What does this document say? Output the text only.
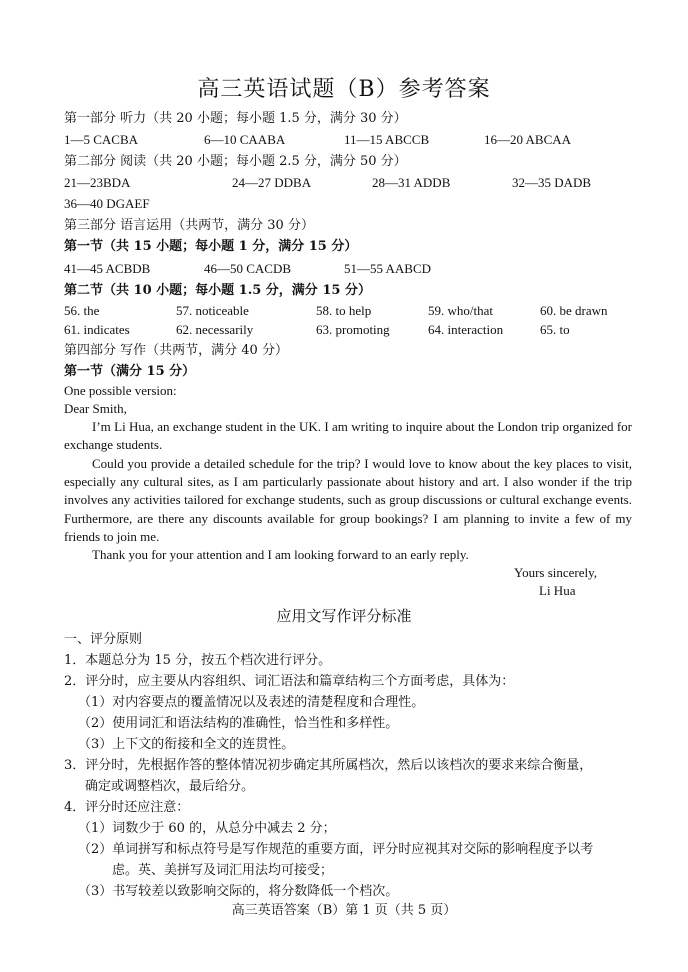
高三英语试题（B）参考答案
第一部分 听力（共 20 小题；每小题 1.5 分，满分 30 分）
1—5 CACBA	6—10 CAABA	11—15 ABCCB	16—20 ABCAA
第二部分 阅读（共 20 小题；每小题 2.5 分，满分 50 分）
21—23BDA	24—27 DDBA	28—31 ADDB	32—35 DADB
36—40 DGAEF
第三部分 语言运用（共两节，满分 30 分）
第一节（共 15 小题；每小题 1 分，满分 15 分）
41—45 ACBDB	46—50 CACDB	51—55 AABCD
第二节（共 10 小题；每小题 1.5 分，满分 15 分）
56. the	57. noticeable	58. to help	59. who/that	60. be drawn
61. indicates	62. necessarily	63. promoting	64. interaction	65. to
第四部分 写作（共两节，满分 40 分）
第一节（满分 15 分）
One possible version:
Dear Smith,
I’m Li Hua, an exchange student in the UK. I am writing to inquire about the London trip organized for exchange students.
Could you provide a detailed schedule for the trip? I would love to know about the key places to visit, especially any cultural sites, as I am particularly passionate about history and art. I also wonder if the trip involves any activities tailored for exchange students, such as group discussions or cultural exchange events. Furthermore, are there any discounts available for group bookings? I am planning to invite a few of my friends to join me.
Thank you for your attention and I am looking forward to an early reply.
Yours sincerely,
Li Hua
应用文写作评分标准
一、评分原则
1．本题总分为 15 分，按五个档次进行评分。
2．评分时，应主要从内容组织、词汇语法和篇章结构三个方面考虑，具体为：
（1）对内容要点的覆盖情况以及表述的清楚程度和合理性。
（2）使用词汇和语法结构的准确性，恰当性和多样性。
（3）上下文的衔接和全文的连贯性。
3．评分时，先根据作答的整体情况初步确定其所属档次，然后以该档次的要求来综合衡量，
确定或调整档次，最后给分。
4．评分时还应注意：
（1）词数少于 60 的，从总分中减去 2 分；
（2）单词拼写和标点符号是写作规范的重要方面，评分时应视其对交际的影响程度予以考
虑。英、美拼写及词汇用法均可接受；
（3）书写较差以致影响交际的，将分数降低一个档次。
高三英语答案（B）第 1 页（共 5 页）
